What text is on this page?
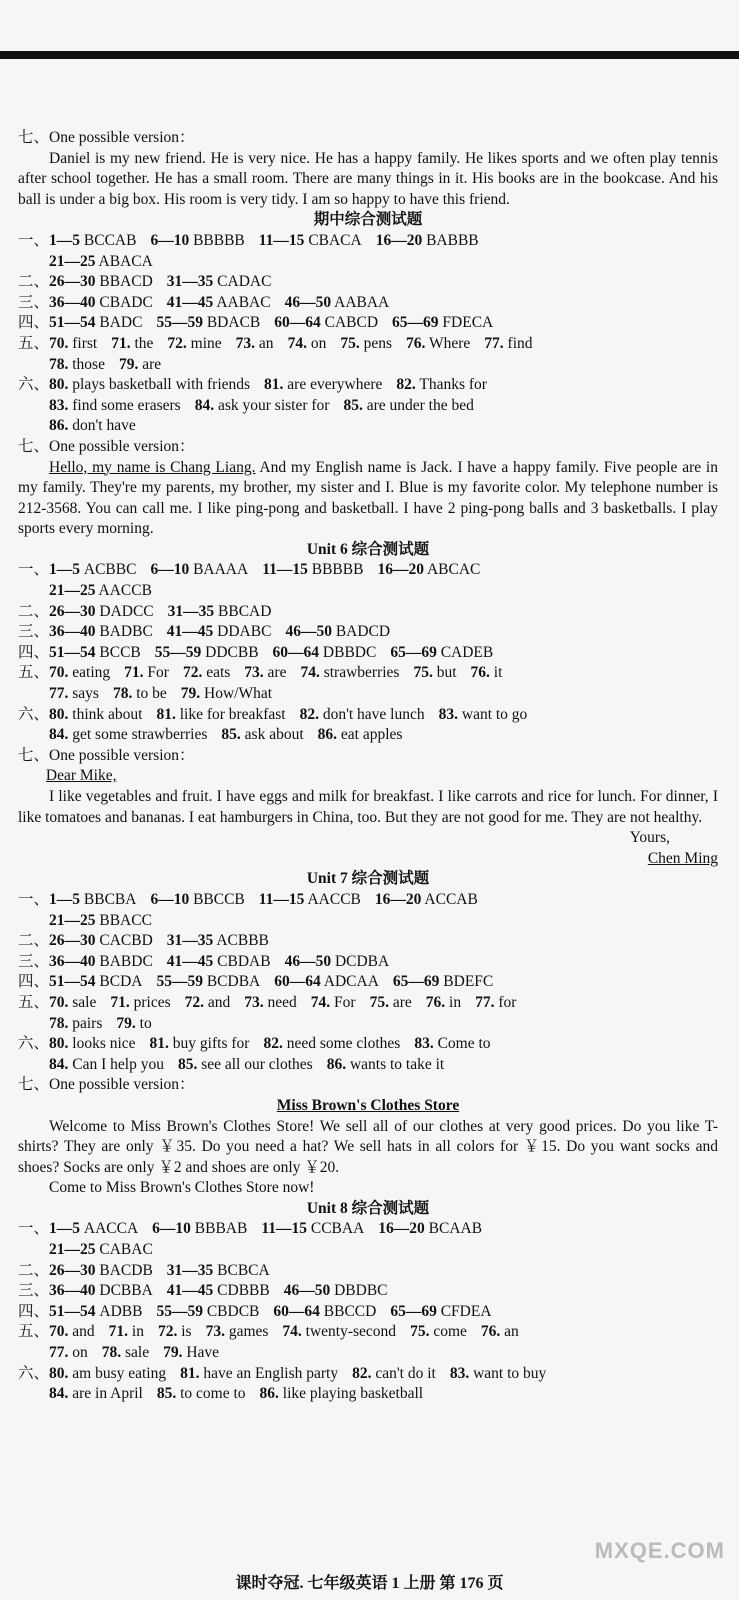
七、One possible version：
Daniel is my new friend. He is very nice. He has a happy family. He likes sports and we often play tennis after school together. He has a small room. There are many things in it. His books are in the bookcase. And his ball is under a big box. His room is very tidy. I am so happy to have this friend.
期中综合测试题
一、1—5 BCCAB 6—10 BBBBB 11—15 CBACA 16—20 BABBB
21—25 ABACA
二、26—30 BBACD 31—35 CADAC
三、36—40 CBADC 41—45 AABAC 46—50 AABAA
四、51—54 BADC 55—59 BDACB 60—64 CABCD 65—69 FDECA
五、70. first 71. the 72. mine 73. an 74. on 75. pens 76. Where 77. find
78. those 79. are
六、80. plays basketball with friends 81. are everywhere 82. Thanks for
83. find some erasers 84. ask your sister for 85. are under the bed
86. don't have
七、One possible version：
Hello, my name is Chang Liang. And my English name is Jack. I have a happy family. Five people are in my family. They're my parents, my brother, my sister and I. Blue is my favorite color. My telephone number is 212-3568. You can call me. I like ping-pong and basketball. I have 2 ping-pong balls and 3 basketballs. I play sports every morning.
Unit 6 综合测试题
一、1—5 ACBBC 6—10 BAAAA 11—15 BBBBB 16—20 ABCAC
21—25 AACCB
二、26—30 DADCC 31—35 BBCAD
三、36—40 BADBC 41—45 DDABC 46—50 BADCD
四、51—54 BCCB 55—59 DDCBB 60—64 DBBDC 65—69 CADEB
五、70. eating 71. For 72. eats 73. are 74. strawberries 75. but 76. it
77. says 78. to be 79. How/What
六、80. think about 81. like for breakfast 82. don't have lunch 83. want to go
84. get some strawberries 85. ask about 86. eat apples
七、One possible version：
Dear Mike,
I like vegetables and fruit. I have eggs and milk for breakfast. I like carrots and rice for lunch. For dinner, I like tomatoes and bananas. I eat hamburgers in China, too. But they are not good for me. They are not healthy.
Yours,
Chen Ming
Unit 7 综合测试题
一、1—5 BBCBA 6—10 BBCCB 11—15 AACCB 16—20 ACCAB
21—25 BBACC
二、26—30 CACBD 31—35 ACBBB
三、36—40 BABDC 41—45 CBDAB 46—50 DCDBA
四、51—54 BCDA 55—59 BCDBA 60—64 ADCAA 65—69 BDEFC
五、70. sale 71. prices 72. and 73. need 74. For 75. are 76. in 77. for
78. pairs 79. to
六、80. looks nice 81. buy gifts for 82. need some clothes 83. Come to
84. Can I help you 85. see all our clothes 86. wants to take it
七、One possible version：
Miss Brown's Clothes Store
Welcome to Miss Brown's Clothes Store! We sell all of our clothes at very good prices. Do you like T-shirts? They are only ￥35. Do you need a hat? We sell hats in all colors for ￥15. Do you want socks and shoes? Socks are only ￥2 and shoes are only ￥20.
Come to Miss Brown's Clothes Store now!
Unit 8 综合测试题
一、1—5 AACCA 6—10 BBBAB 11—15 CCBAA 16—20 BCAAB
21—25 CABAC
二、26—30 BACDB 31—35 BCBCA
三、36—40 DCBBA 41—45 CDBBB 46—50 DBDBC
四、51—54 ADBB 55—59 CBDCB 60—64 BBCCD 65—69 CFDEA
五、70. and 71. in 72. is 73. games 74. twenty-second 75. come 76. an
77. on 78. sale 79. Have
六、80. am busy eating 81. have an English party 82. can't do it 83. want to buy
84. are in April 85. to come to 86. like playing basketball
课时夺冠. 七年级英语 1 上册 第 176 页
MXQE.COM
